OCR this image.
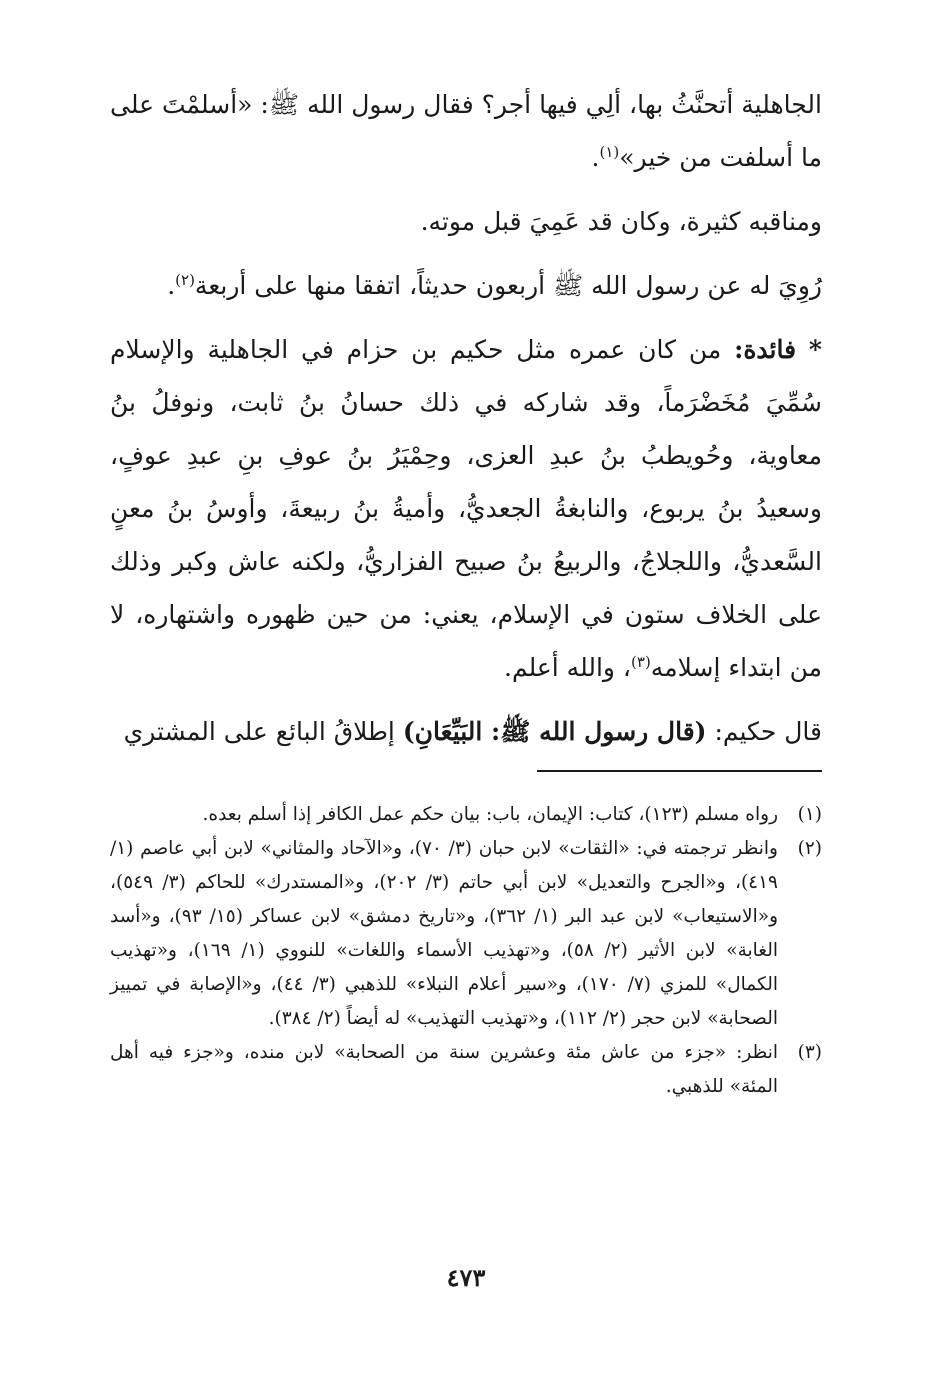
الجاهلية أتحنَّثُ بها، ألِي فيها أجر؟ فقال رسول الله ﷺ: «أسلمْتَ على ما أسلفت من خير»$^{(١)}$.

ومناقبه كثيرة، وكان قد عَمِيَ قبل موته.

رُوِيَ له عن رسول الله ﷺ أربعون حديثاً، اتفقا منها على أربعة$^{(٢)}$.

* فائدة: من كان عمره مثل حكيم بن حزام في الجاهلية والإسلام سُمِّيَ مُخَضْرَماً، وقد شاركه في ذلك حسانُ بنُ ثابت، ونوفلُ بنُ معاوية، وحُويطبُ بنُ عبدِ العزى، وحِمْيَرُ بنُ عوفِ بنِ عبدِ عوفٍ، وسعيدُ بنُ يربوع، والنابغةُ الجعديُّ، وأميةُ بنُ ربيعةَ، وأوسُ بنُ معنٍ السَّعديُّ، واللجلاجُ، والربيعُ بنُ صبيح الفزاريُّ، ولكنه عاش وكبر وذلك على الخلاف ستون في الإسلام، يعني: من حين ظهوره واشتهاره، لا من ابتداء إسلامه$^{(٣)}$، والله أعلم.

قال حكيم: (قال رسول الله ﷺ: البَيِّعَانِ) إطلاقُ البائع على المشتري

(١)
رواه مسلم (١٢٣)، كتاب: الإيمان، باب: بيان حكم عمل الكافر إذا أسلم بعده.
(٢)
وانظر ترجمته في: «الثقات» لابن حبان (٣/ ٧٠)، و«الآحاد والمثاني» لابن أبي عاصم (١/ ٤١٩)، و«الجرح والتعديل» لابن أبي حاتم (٣/ ٢٠٢)، و«المستدرك» للحاكم (٣/ ٥٤٩)، و«الاستيعاب» لابن عبد البر (١/ ٣٦٢)، و«تاريخ دمشق» لابن عساكر (١٥/ ٩٣)، و«أسد الغابة» لابن الأثير (٢/ ٥٨)، و«تهذيب الأسماء واللغات» للنووي (١/ ١٦٩)، و«تهذيب الكمال» للمزي (٧/ ١٧٠)، و«سير أعلام النبلاء» للذهبي (٣/ ٤٤)، و«الإصابة في تمييز الصحابة» لابن حجر (٢/ ١١٢)، و«تهذيب التهذيب» له أيضاً (٢/ ٣٨٤).
(٣)
انظر: «جزء من عاش مئة وعشرين سنة من الصحابة» لابن منده، و«جزء فيه أهل المئة» للذهبي.
٤٧٣
